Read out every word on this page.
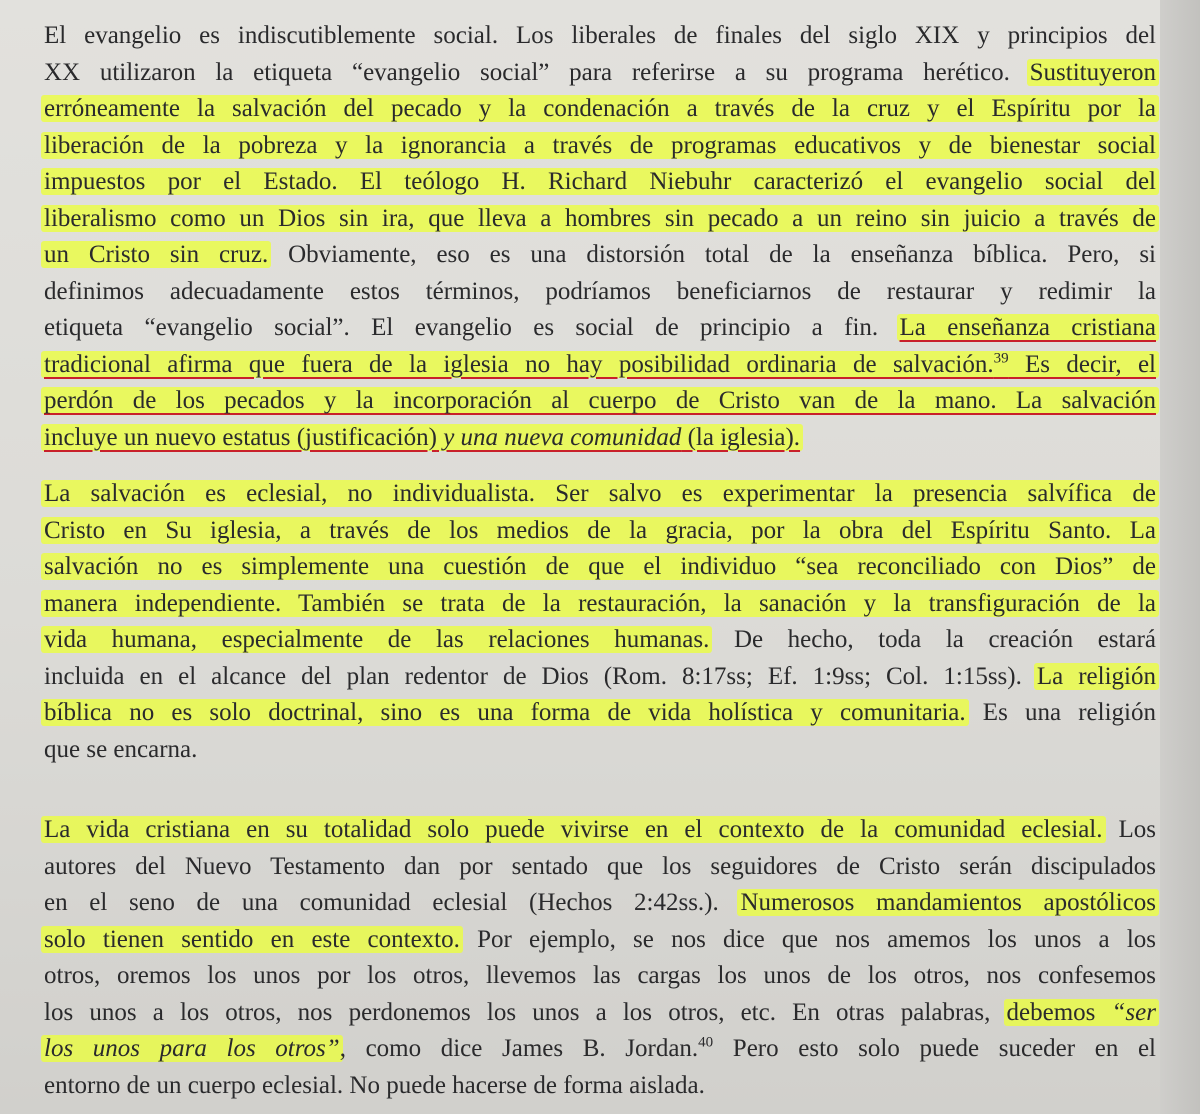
El evangelio es indiscutiblemente social. Los liberales de finales del siglo XIX y principios del
XX utilizaron la etiqueta “evangelio social” para referirse a su programa herético. Sustituyeron
erróneamente la salvación del pecado y la condenación a través de la cruz y el Espíritu por la
liberación de la pobreza y la ignorancia a través de programas educativos y de bienestar social
impuestos por el Estado. El teólogo H. Richard Niebuhr caracterizó el evangelio social del
liberalismo como un Dios sin ira, que lleva a hombres sin pecado a un reino sin juicio a través de
un Cristo sin cruz. Obviamente, eso es una distorsión total de la enseñanza bíblica. Pero, si
definimos adecuadamente estos términos, podríamos beneficiarnos de restaurar y redimir la
etiqueta “evangelio social”. El evangelio es social de principio a fin. La enseñanza cristiana
tradicional afirma que fuera de la iglesia no hay posibilidad ordinaria de salvación.$^{39}$ Es decir, el
perdón de los pecados y la incorporación al cuerpo de Cristo van de la mano. La salvación
incluye un nuevo estatus (justificación) y una nueva comunidad (la iglesia).
La salvación es eclesial, no individualista. Ser salvo es experimentar la presencia salvífica de
Cristo en Su iglesia, a través de los medios de la gracia, por la obra del Espíritu Santo. La
salvación no es simplemente una cuestión de que el individuo “sea reconciliado con Dios” de
manera independiente. También se trata de la restauración, la sanación y la transfiguración de la
vida humana, especialmente de las relaciones humanas. De hecho, toda la creación estará
incluida en el alcance del plan redentor de Dios (Rom. 8:17ss; Ef. 1:9ss; Col. 1:15ss). La religión
bíblica no es solo doctrinal, sino es una forma de vida holística y comunitaria. Es una religión
que se encarna.
La vida cristiana en su totalidad solo puede vivirse en el contexto de la comunidad eclesial. Los
autores del Nuevo Testamento dan por sentado que los seguidores de Cristo serán discipulados
en el seno de una comunidad eclesial (Hechos 2:42ss.). Numerosos mandamientos apostólicos
solo tienen sentido en este contexto. Por ejemplo, se nos dice que nos amemos los unos a los
otros, oremos los unos por los otros, llevemos las cargas los unos de los otros, nos confesemos
los unos a los otros, nos perdonemos los unos a los otros, etc. En otras palabras, debemos “ser
los unos para los otros”, como dice James B. Jordan.$^{40}$ Pero esto solo puede suceder en el
entorno de un cuerpo eclesial. No puede hacerse de forma aislada.
